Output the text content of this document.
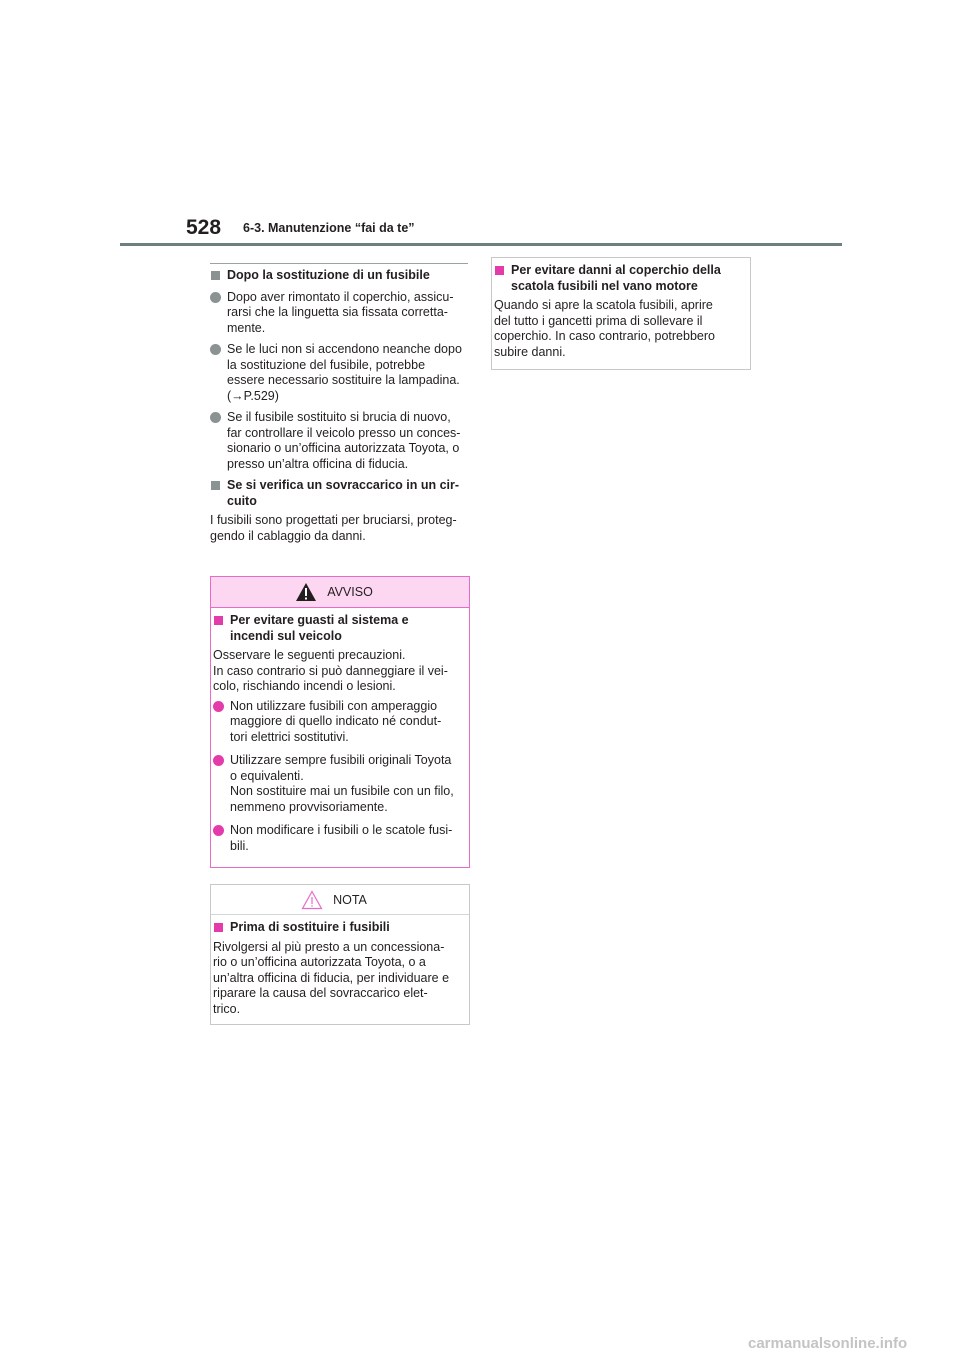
528 6-3. Manutenzione “fai da te”

Dopo la sostituzione di un fusibile

Dopo aver rimontato il coperchio, assicu-
rarsi che la linguetta sia fissata corretta-
mente.

Se le luci non si accendono neanche dopo
la sostituzione del fusibile, potrebbe
essere necessario sostituire la lampadina.
(→P.529)

Se il fusibile sostituito si brucia di nuovo,
far controllare il veicolo presso un conces-
sionario o un’officina autorizzata Toyota, o
presso un’altra officina di fiducia.

Se si verifica un sovraccarico in un cir-
cuito

I fusibili sono progettati per bruciarsi, proteg-
gendo il cablaggio da danni.

AVVISO

Per evitare guasti al sistema e
incendi sul veicolo

Osservare le seguenti precauzioni.
In caso contrario si può danneggiare il vei-
colo, rischiando incendi o lesioni.

Non utilizzare fusibili con amperaggio
maggiore di quello indicato né condut-
tori elettrici sostitutivi.

Utilizzare sempre fusibili originali Toyota
o equivalenti.
Non sostituire mai un fusibile con un filo,
nemmeno provvisoriamente.

Non modificare i fusibili o le scatole fusi-
bili.

NOTA

Prima di sostituire i fusibili

Rivolgersi al più presto a un concessiona-
rio o un’officina autorizzata Toyota, o a
un’altra officina di fiducia, per individuare e
riparare la causa del sovraccarico elet-
trico.

Per evitare danni al coperchio della
scatola fusibili nel vano motore

Quando si apre la scatola fusibili, aprire
del tutto i gancetti prima di sollevare il
coperchio. In caso contrario, potrebbero
subire danni.

carmanualsonline.info
